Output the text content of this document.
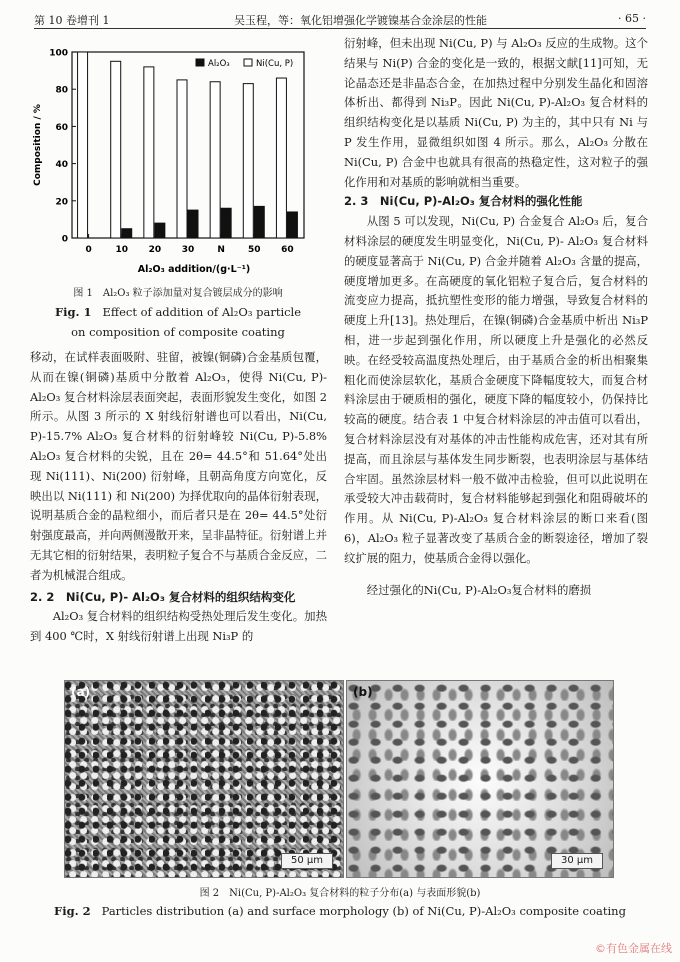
第 10 卷增刊 1	吴玉程，等：氧化铝增强化学镀镍基合金涂层的性能	· 65 ·
0
20
40
60
80
100
0	10 20 30	N	50 60
Composition / %
Al₂O₃ addition/(g·L⁻¹)
Al₂O₃	Ni(Cu, P)
图 1　Al₂O₃ 粒子添加量对复合镀层成分的影响
Fig. 1 Effect of addition of Al₂O₃ particle
on composition of composite coating

移动，在试样表面吸附、驻留，被镍(铜磷)合金基质包覆，从而在镍(铜磷)基质中分散着 Al₂O₃，使得 Ni(Cu, P)-Al₂O₃ 复合材料涂层表面突起，表面形貌发生变化，如图 2 所示。从图 3 所示的 X 射线衍射谱也可以看出，Ni(Cu, P)-15.7% Al₂O₃ 复合材料的衍射峰较 Ni(Cu, P)-5.8% Al₂O₃ 复合材料的尖锐，且在 2θ= 44.5°和 51.64°处出现 Ni(111)、Ni(200) 衍射峰，且朝高角度方向宽化，反映出以 Ni(111) 和 Ni(200) 为择优取向的晶体衍射表现，说明基质合金的晶粒细小，而后者只是在 2θ= 44.5°处衍射强度最高，并向两侧漫散开来，呈非晶特征。衍射谱上并无其它相的衍射结果，表明粒子复合不与基质合金反应，二者为机械混合组成。

2. 2　Ni(Cu, P)- Al₂O₃ 复合材料的组织结构变化

Al₂O₃ 复合材料的组织结构受热处理后发生变化。加热到 400 ℃时，X 射线衍射谱上出现 Ni₃P 的

衍射峰，但未出现 Ni(Cu, P) 与 Al₂O₃ 反应的生成物。这个结果与 Ni(P) 合金的变化是一致的，根据文献[11]可知，无论晶态还是非晶态合金，在加热过程中分别发生晶化和固溶体析出、都得到 Ni₃P。因此 Ni(Cu, P)-Al₂O₃ 复合材料的组织结构变化是以基质 Ni(Cu, P) 为主的，其中只有 Ni 与 P 发生作用，显微组织如图 4 所示。那么，Al₂O₃ 分散在 Ni(Cu, P) 合金中也就具有很高的热稳定性，这对粒子的强化作用和对基质的影响就相当重要。

2. 3　Ni(Cu, P)-Al₂O₃ 复合材料的强化性能

从图 5 可以发现，Ni(Cu, P) 合金复合 Al₂O₃ 后，复合材料涂层的硬度发生明显变化，Ni(Cu, P)- Al₂O₃ 复合材料的硬度显著高于 Ni(Cu, P) 合金并随着 Al₂O₃ 含量的提高，硬度增加更多。在高硬度的氧化铝粒子复合后，复合材料的流变应力提高，抵抗塑性变形的能力增强，导致复合材料的硬度上升[13]。热处理后，在镍(铜磷)合金基质中析出 Ni₃P 相，进一步起到强化作用，所以硬度上升是强化的必然反映。在经受较高温度热处理后，由于基质合金的析出相聚集粗化而使涂层软化，基质合金硬度下降幅度较大，而复合材料涂层由于硬质相的强化，硬度下降的幅度较小，仍保持比较高的硬度。结合表 1 中复合材料涂层的冲击值可以看出，复合材料涂层没有对基体的冲击性能构成危害，还对其有所提高，而且涂层与基体发生同步断裂，也表明涂层与基体结合牢固。虽然涂层材料一般不做冲击检验，但可以此说明在承受较大冲击载荷时，复合材料能够起到强化和阻碍破坏的作用。从 Ni(Cu, P)-Al₂O₃ 复合材料涂层的断口来看(图 6)，Al₂O₃ 粒子显著改变了基质合金的断裂途径，增加了裂纹扩展的阻力，使基质合金得以强化。

经过强化的Ni(Cu, P)-Al₂O₃复合材料的磨损

(a)
50 μm
(b)
30 μm
图 2　Ni(Cu, P)-Al₂O₃ 复合材料的粒子分布(a) 与表面形貌(b)
Fig. 2 Particles distribution (a) and surface morphology (b) of Ni(Cu, P)-Al₂O₃ composite coating
©有色金属在线
